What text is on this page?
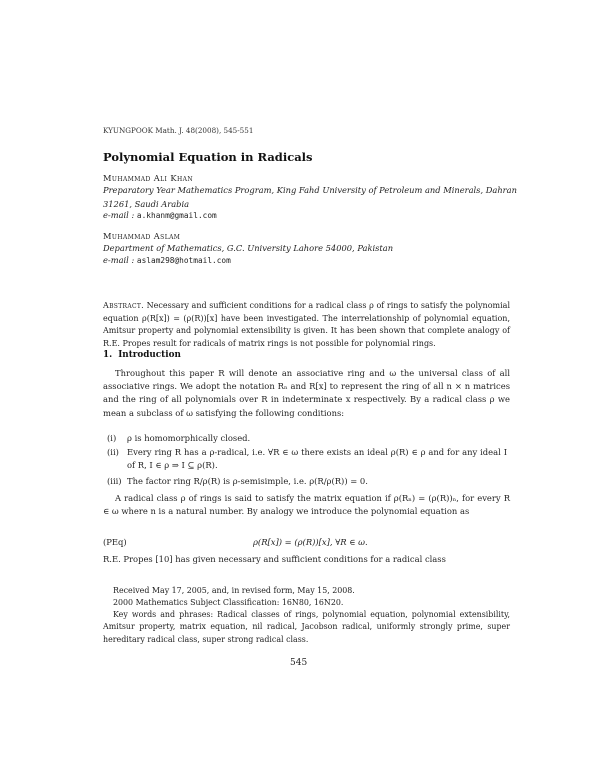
KYUNGPOOK Math. J. 48(2008), 545-551
Polynomial Equation in Radicals
Muhammad Ali Khan
Preparatory Year Mathematics Program, King Fahd University of Petroleum and Minerals, Dahran 31261, Saudi Arabia
e-mail : a.khanm@gmail.com
Muhammad Aslam
Department of Mathematics, G.C. University Lahore 54000, Pakistan
e-mail : aslam298@hotmail.com
Abstract. Necessary and sufficient conditions for a radical class ρ of rings to satisfy the polynomial equation ρ(R[x]) = (ρ(R))[x] have been investigated. The interrelationship of polynomial equation, Amitsur property and polynomial extensibility is given. It has been shown that complete analogy of R.E. Propes result for radicals of matrix rings is not possible for polynomial rings.
1. Introduction
Throughout this paper R will denote an associative ring and ω the universal class of all associative rings. We adopt the notation Rₙ and R[x] to represent the ring of all n × n matrices and the ring of all polynomials over R in indeterminate x respectively. By a radical class ρ we mean a subclass of ω satisfying the following conditions:
(i) ρ is homomorphically closed.
(ii) Every ring R has a ρ-radical, i.e. ∀R ∈ ω there exists an ideal ρ(R) ∈ ρ and for any ideal I of R, I ∈ ρ ⇒ I ⊆ ρ(R).
(iii) The factor ring R/ρ(R) is ρ-semisimple, i.e. ρ(R/ρ(R)) = 0.
A radical class ρ of rings is said to satisfy the matrix equation if ρ(Rₙ) = (ρ(R))ₙ, for every R ∈ ω where n is a natural number. By analogy we introduce the polynomial equation as
(PEq)	ρ(R[x]) = (ρ(R))[x], ∀R ∈ ω.
R.E. Propes [10] has given necessary and sufficient conditions for a radical class
Received May 17, 2005, and, in revised form, May 15, 2008.
2000 Mathematics Subject Classification: 16N80, 16N20.
Key words and phrases: Radical classes of rings, polynomial equation, polynomial extensibility, Amitsur property, matrix equation, nil radical, Jacobson radical, uniformly strongly prime, super hereditary radical class, super strong radical class.
545
